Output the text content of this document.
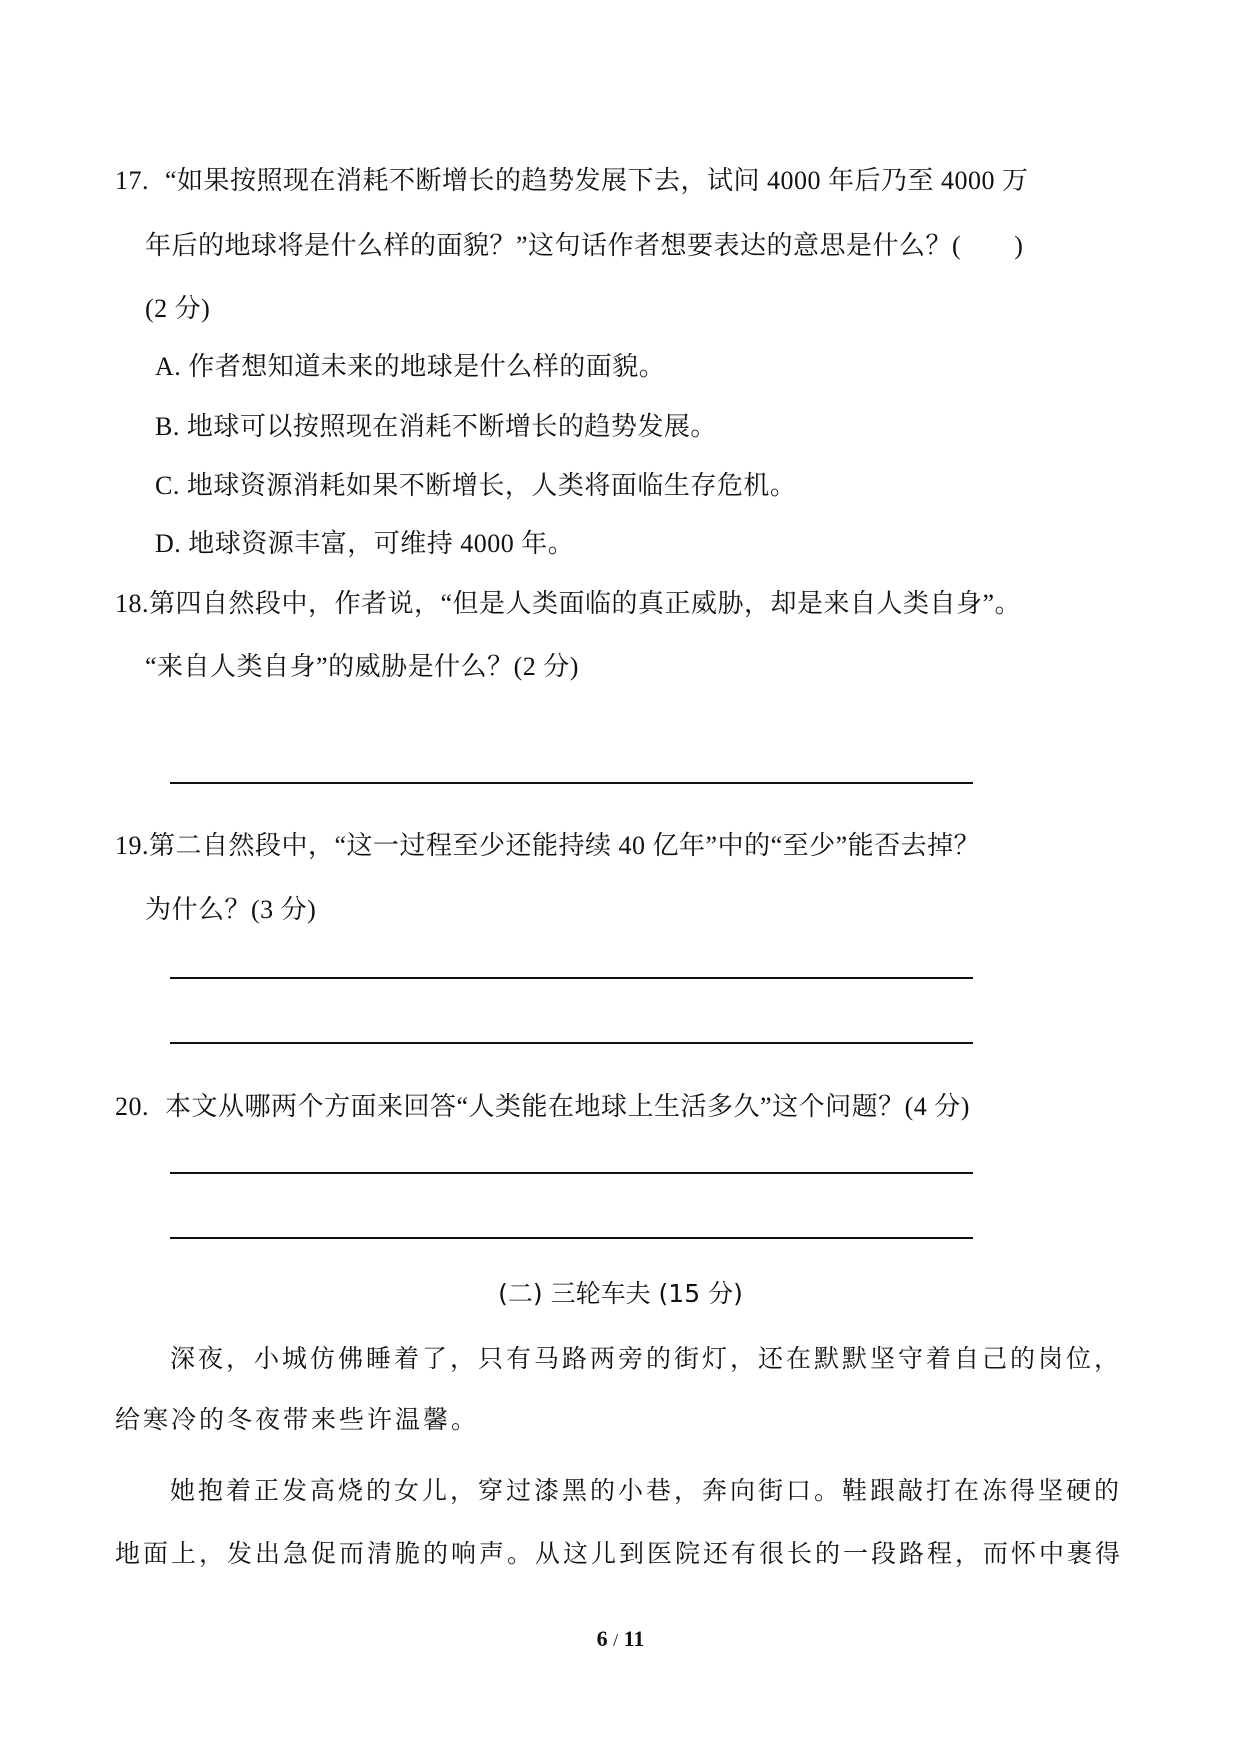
17. “如果按照现在消耗不断增长的趋势发展下去，试问 4000 年后乃至 4000 万
年后的地球将是什么样的面貌？”这句话作者想要表达的意思是什么？(　　)
(2 分)
A. 作者想知道未来的地球是什么样的面貌。
B. 地球可以按照现在消耗不断增长的趋势发展。
C. 地球资源消耗如果不断增长，人类将面临生存危机。
D. 地球资源丰富，可维持 4000 年。
18.第四自然段中，作者说，“但是人类面临的真正威胁，却是来自人类自身”。
“来自人类自身”的威胁是什么？(2 分)
19.第二自然段中，“这一过程至少还能持续 40 亿年”中的“至少”能否去掉？
为什么？(3 分)
20. 本文从哪两个方面来回答“人类能在地球上生活多久”这个问题？(4 分)
(二) 三轮车夫 (15 分)
深夜，小城仿佛睡着了，只有马路两旁的街灯，还在默默坚守着自己的岗位，
给寒冷的冬夜带来些许温馨。
她抱着正发高烧的女儿，穿过漆黑的小巷，奔向街口。鞋跟敲打在冻得坚硬的
地面上，发出急促而清脆的响声。从这儿到医院还有很长的一段路程，而怀中裹得
6 / 11
